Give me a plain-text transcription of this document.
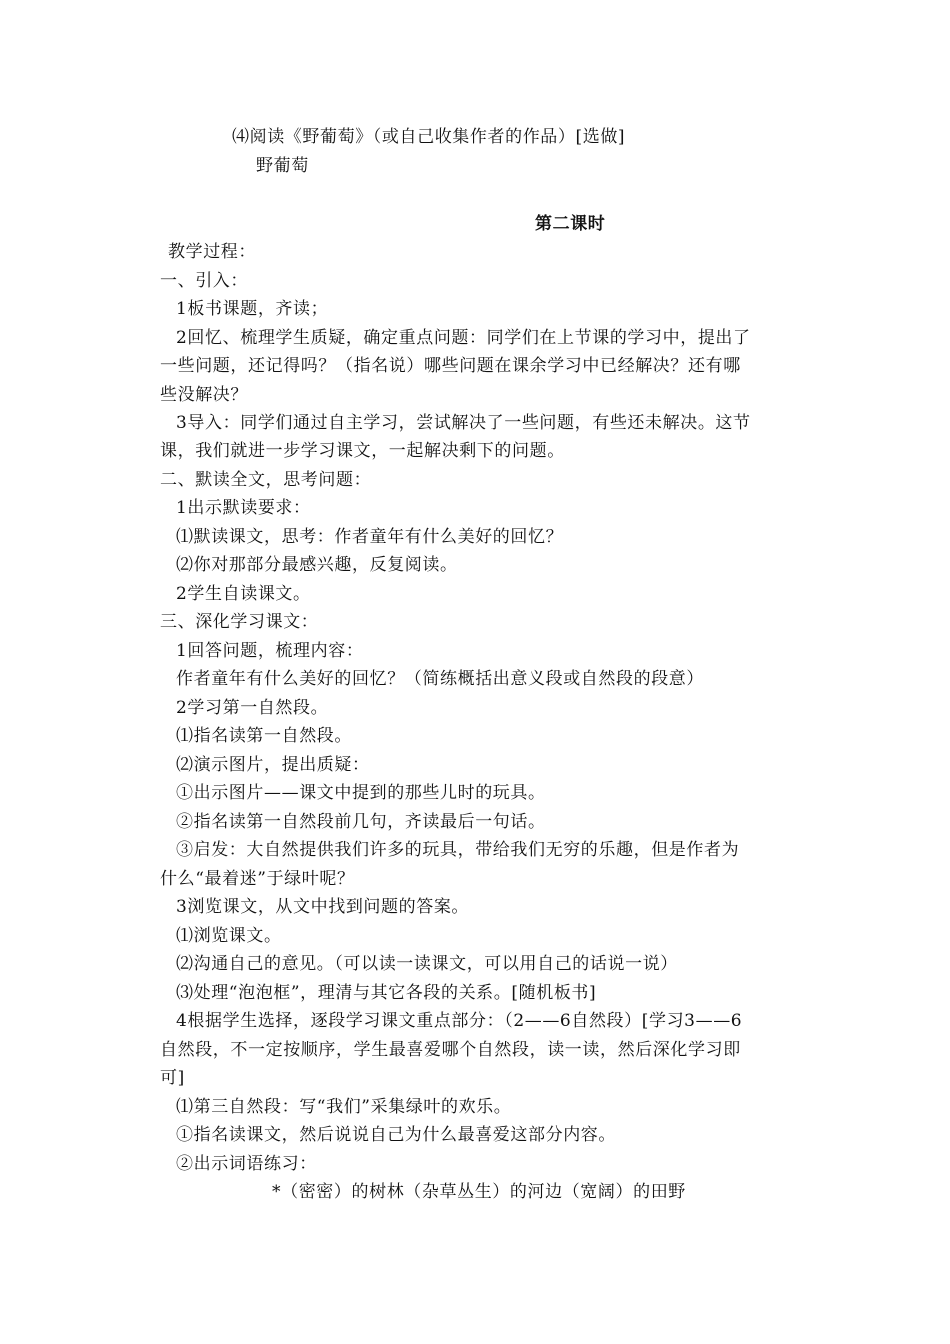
⑷阅读《野葡萄》（或自己收集作者的作品）[选做]
野葡萄
第二课时
教学过程：
一、引入：
1板书课题，齐读；
2回忆、梳理学生质疑，确定重点问题：同学们在上节课的学习中，提出了
一些问题，还记得吗？（指名说）哪些问题在课余学习中已经解决？还有哪
些没解决？
3导入：同学们通过自主学习，尝试解决了一些问题，有些还未解决。这节
课，我们就进一步学习课文，一起解决剩下的问题。
二、默读全文，思考问题：
1出示默读要求：
⑴默读课文，思考：作者童年有什么美好的回忆？
⑵你对那部分最感兴趣，反复阅读。
2学生自读课文。
三、深化学习课文：
1回答问题，梳理内容：
作者童年有什么美好的回忆？（简练概括出意义段或自然段的段意）
2学习第一自然段。
⑴指名读第一自然段。
⑵演示图片，提出质疑：
①出示图片——课文中提到的那些儿时的玩具。
②指名读第一自然段前几句，齐读最后一句话。
③启发：大自然提供我们许多的玩具，带给我们无穷的乐趣，但是作者为
什么“最着迷”于绿叶呢？
3浏览课文，从文中找到问题的答案。
⑴浏览课文。
⑵沟通自己的意见。（可以读一读课文，可以用自己的话说一说）
⑶处理“泡泡框”，理清与其它各段的关系。[随机板书]
4根据学生选择，逐段学习课文重点部分：（2——6自然段）[学习3——6
自然段，不一定按顺序，学生最喜爱哪个自然段，读一读，然后深化学习即
可]
⑴第三自然段：写“我们”采集绿叶的欢乐。
①指名读课文，然后说说自己为什么最喜爱这部分内容。
②出示词语练习：
*（密密）的树林（杂草丛生）的河边（宽阔）的田野
